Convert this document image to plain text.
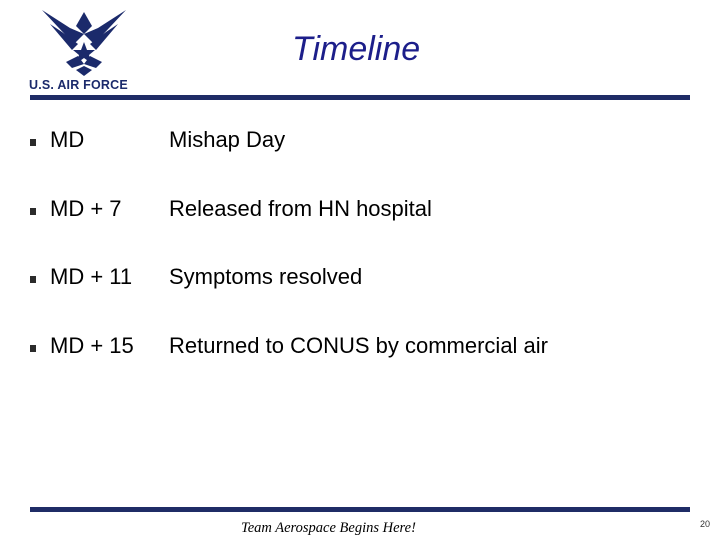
U.S. AIR FORCE
Timeline
MD	Mishap Day
MD + 7 Released from HN hospital
MD + 11 Symptoms resolved
MD + 15 Returned to CONUS by commercial air
Team Aerospace Begins Here!	20
